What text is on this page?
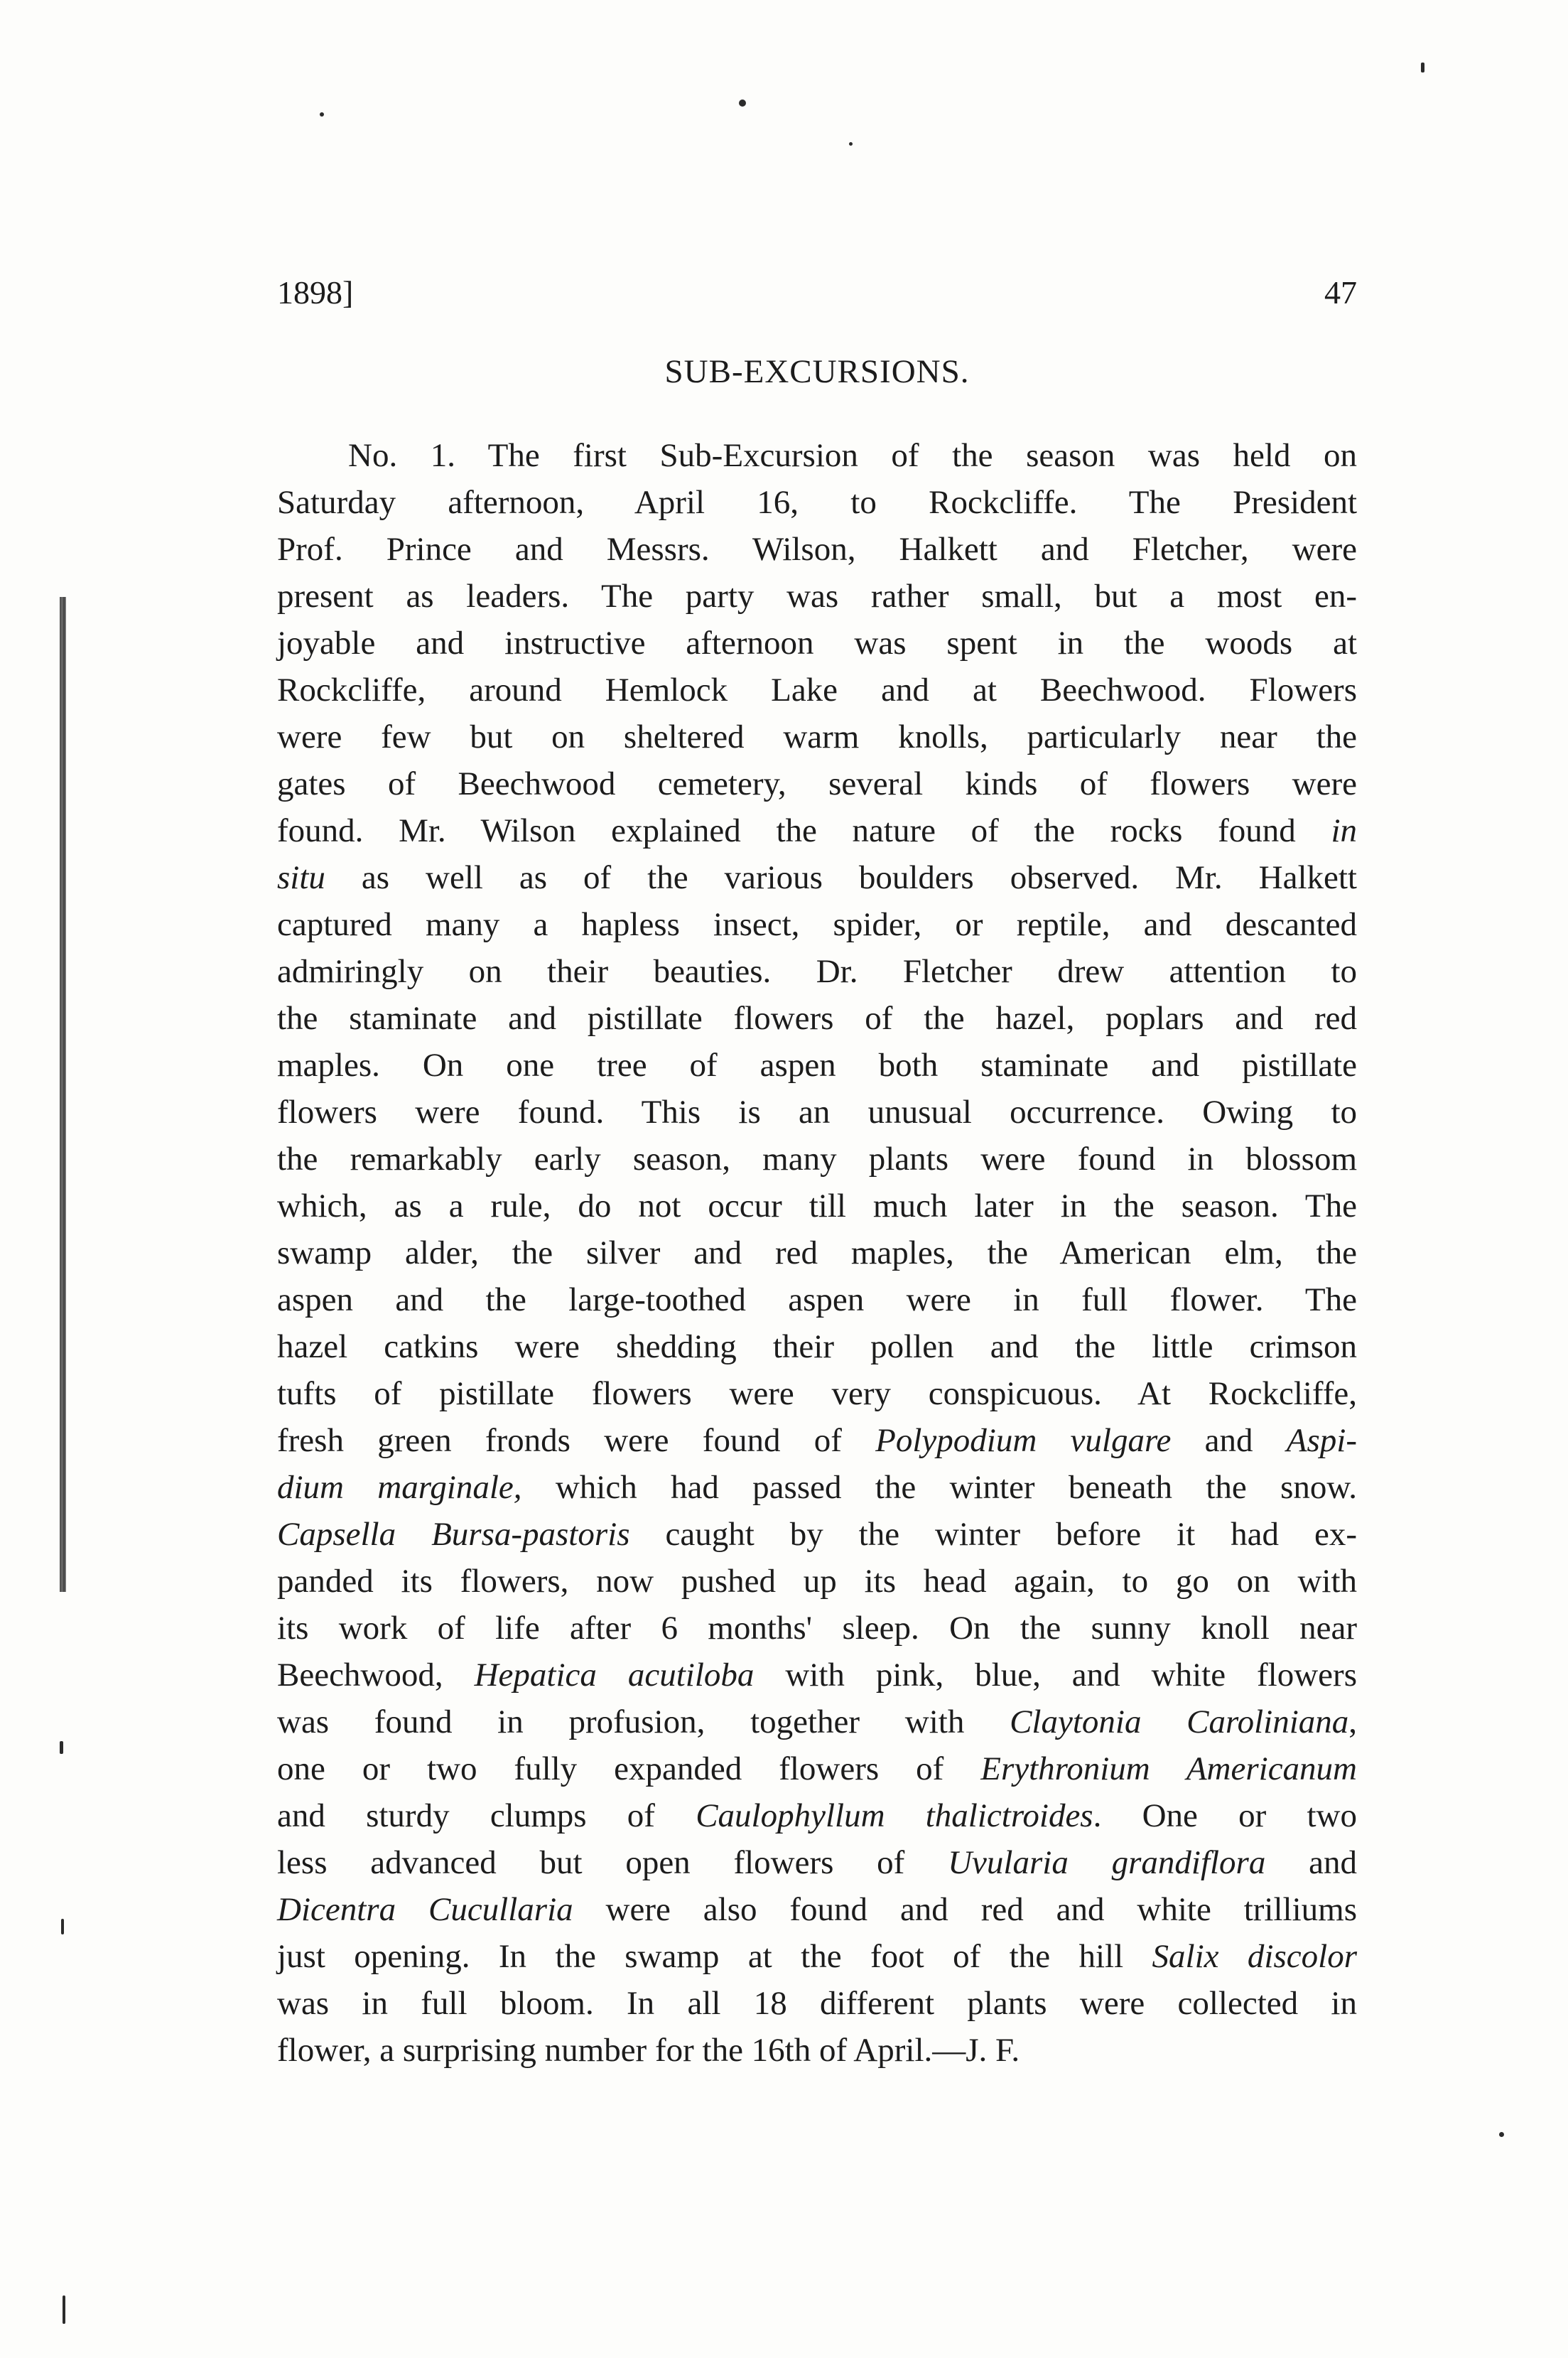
1898]	47
SUB-EXCURSIONS.
No. 1. The first Sub-Excursion of the season was held on
Saturday afternoon, April 16, to Rockcliffe. The President
Prof. Prince and Messrs. Wilson, Halkett and Fletcher, were
present as leaders. The party was rather small, but a most en-
joyable and instructive afternoon was spent in the woods at
Rockcliffe, around Hemlock Lake and at Beechwood. Flowers
were few but on sheltered warm knolls, particularly near the
gates of Beechwood cemetery, several kinds of flowers were
found. Mr. Wilson explained the nature of the rocks found in
situ as well as of the various boulders observed. Mr. Halkett
captured many a hapless insect, spider, or reptile, and descanted
admiringly on their beauties. Dr. Fletcher drew attention to
the staminate and pistillate flowers of the hazel, poplars and red
maples. On one tree of aspen both staminate and pistillate
flowers were found. This is an unusual occurrence. Owing to
the remarkably early season, many plants were found in blossom
which, as a rule, do not occur till much later in the season. The
swamp alder, the silver and red maples, the American elm, the
aspen and the large-toothed aspen were in full flower. The
hazel catkins were shedding their pollen and the little crimson
tufts of pistillate flowers were very conspicuous. At Rockcliffe,
fresh green fronds were found of Polypodium vulgare and Aspi-
dium marginale, which had passed the winter beneath the snow.
Capsella Bursa-pastoris caught by the winter before it had ex-
panded its flowers, now pushed up its head again, to go on with
its work of life after 6 months' sleep. On the sunny knoll near
Beechwood, Hepatica acutiloba with pink, blue, and white flowers
was found in profusion, together with Claytonia Caroliniana,
one or two fully expanded flowers of Erythronium Americanum
and sturdy clumps of Caulophyllum thalictroides. One or two
less advanced but open flowers of Uvularia grandiflora and
Dicentra Cucullaria were also found and red and white trilliums
just opening. In the swamp at the foot of the hill Salix discolor
was in full bloom. In all 18 different plants were collected in
flower, a surprising number for the 16th of April.—J. F.
